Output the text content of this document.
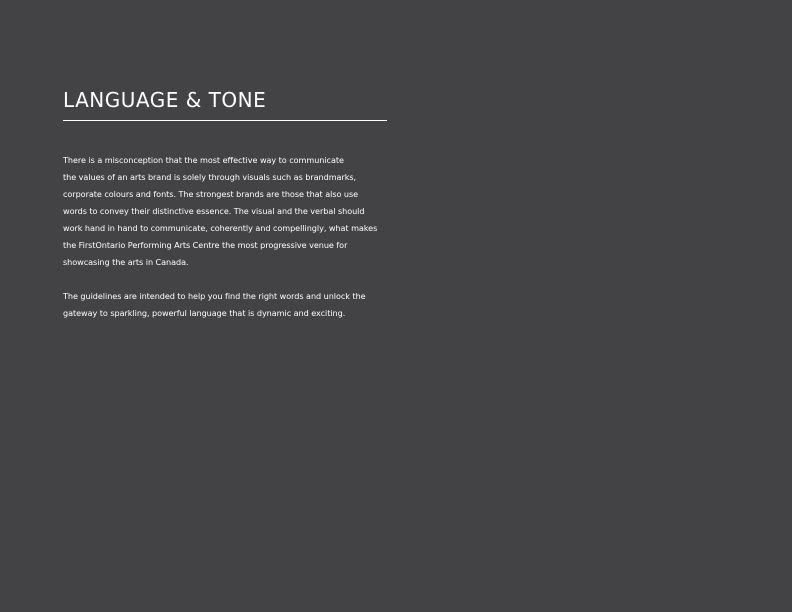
LANGUAGE & TONE

There is a misconception that the most effective way to communicate
the values of an arts brand is solely through visuals such as brandmarks,
corporate colours and fonts. The strongest brands are those that also use
words to convey their distinctive essence. The visual and the verbal should
work hand in hand to communicate, coherently and compellingly, what makes
the FirstOntario Performing Arts Centre the most progressive venue for
showcasing the arts in Canada.

The guidelines are intended to help you find the right words and unlock the
gateway to sparkling, powerful language that is dynamic and exciting.
